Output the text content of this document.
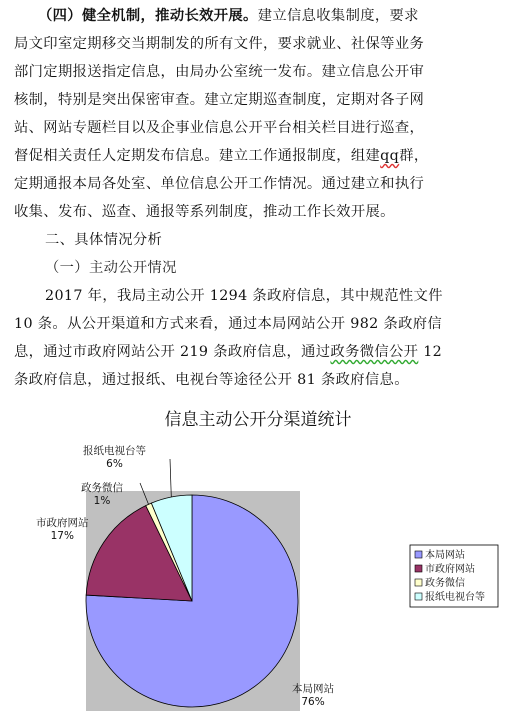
（四）健全机制，推动长效开展。建立信息收集制度，要求
局文印室定期移交当期制发的所有文件，要求就业、社保等业务
部门定期报送指定信息，由局办公室统一发布。建立信息公开审
核制，特别是突出保密审查。建立定期巡查制度，定期对各子网
站、网站专题栏目以及企事业信息公开平台相关栏目进行巡查，
督促相关责任人定期发布信息。建立工作通报制度，组建qq群，
定期通报本局各处室、单位信息公开工作情况。通过建立和执行
收集、发布、巡查、通报等系列制度，推动工作长效开展。
二、具体情况分析
（一）主动公开情况
2017 年，我局主动公开 1294 条政府信息，其中规范性文件
10 条。从公开渠道和方式来看，通过本局网站公开 982 条政府信
息，通过市政府网站公开 219 条政府信息，通过政务微信公开 12
条政府信息，通过报纸、电视台等途径公开 81 条政府信息。
信息主动公开分渠道统计
本局网站
76%
市政府网站
17%
政务微信
1%
报纸电视台等
6%
本局网站
市政府网站
政务微信
报纸电视台等
